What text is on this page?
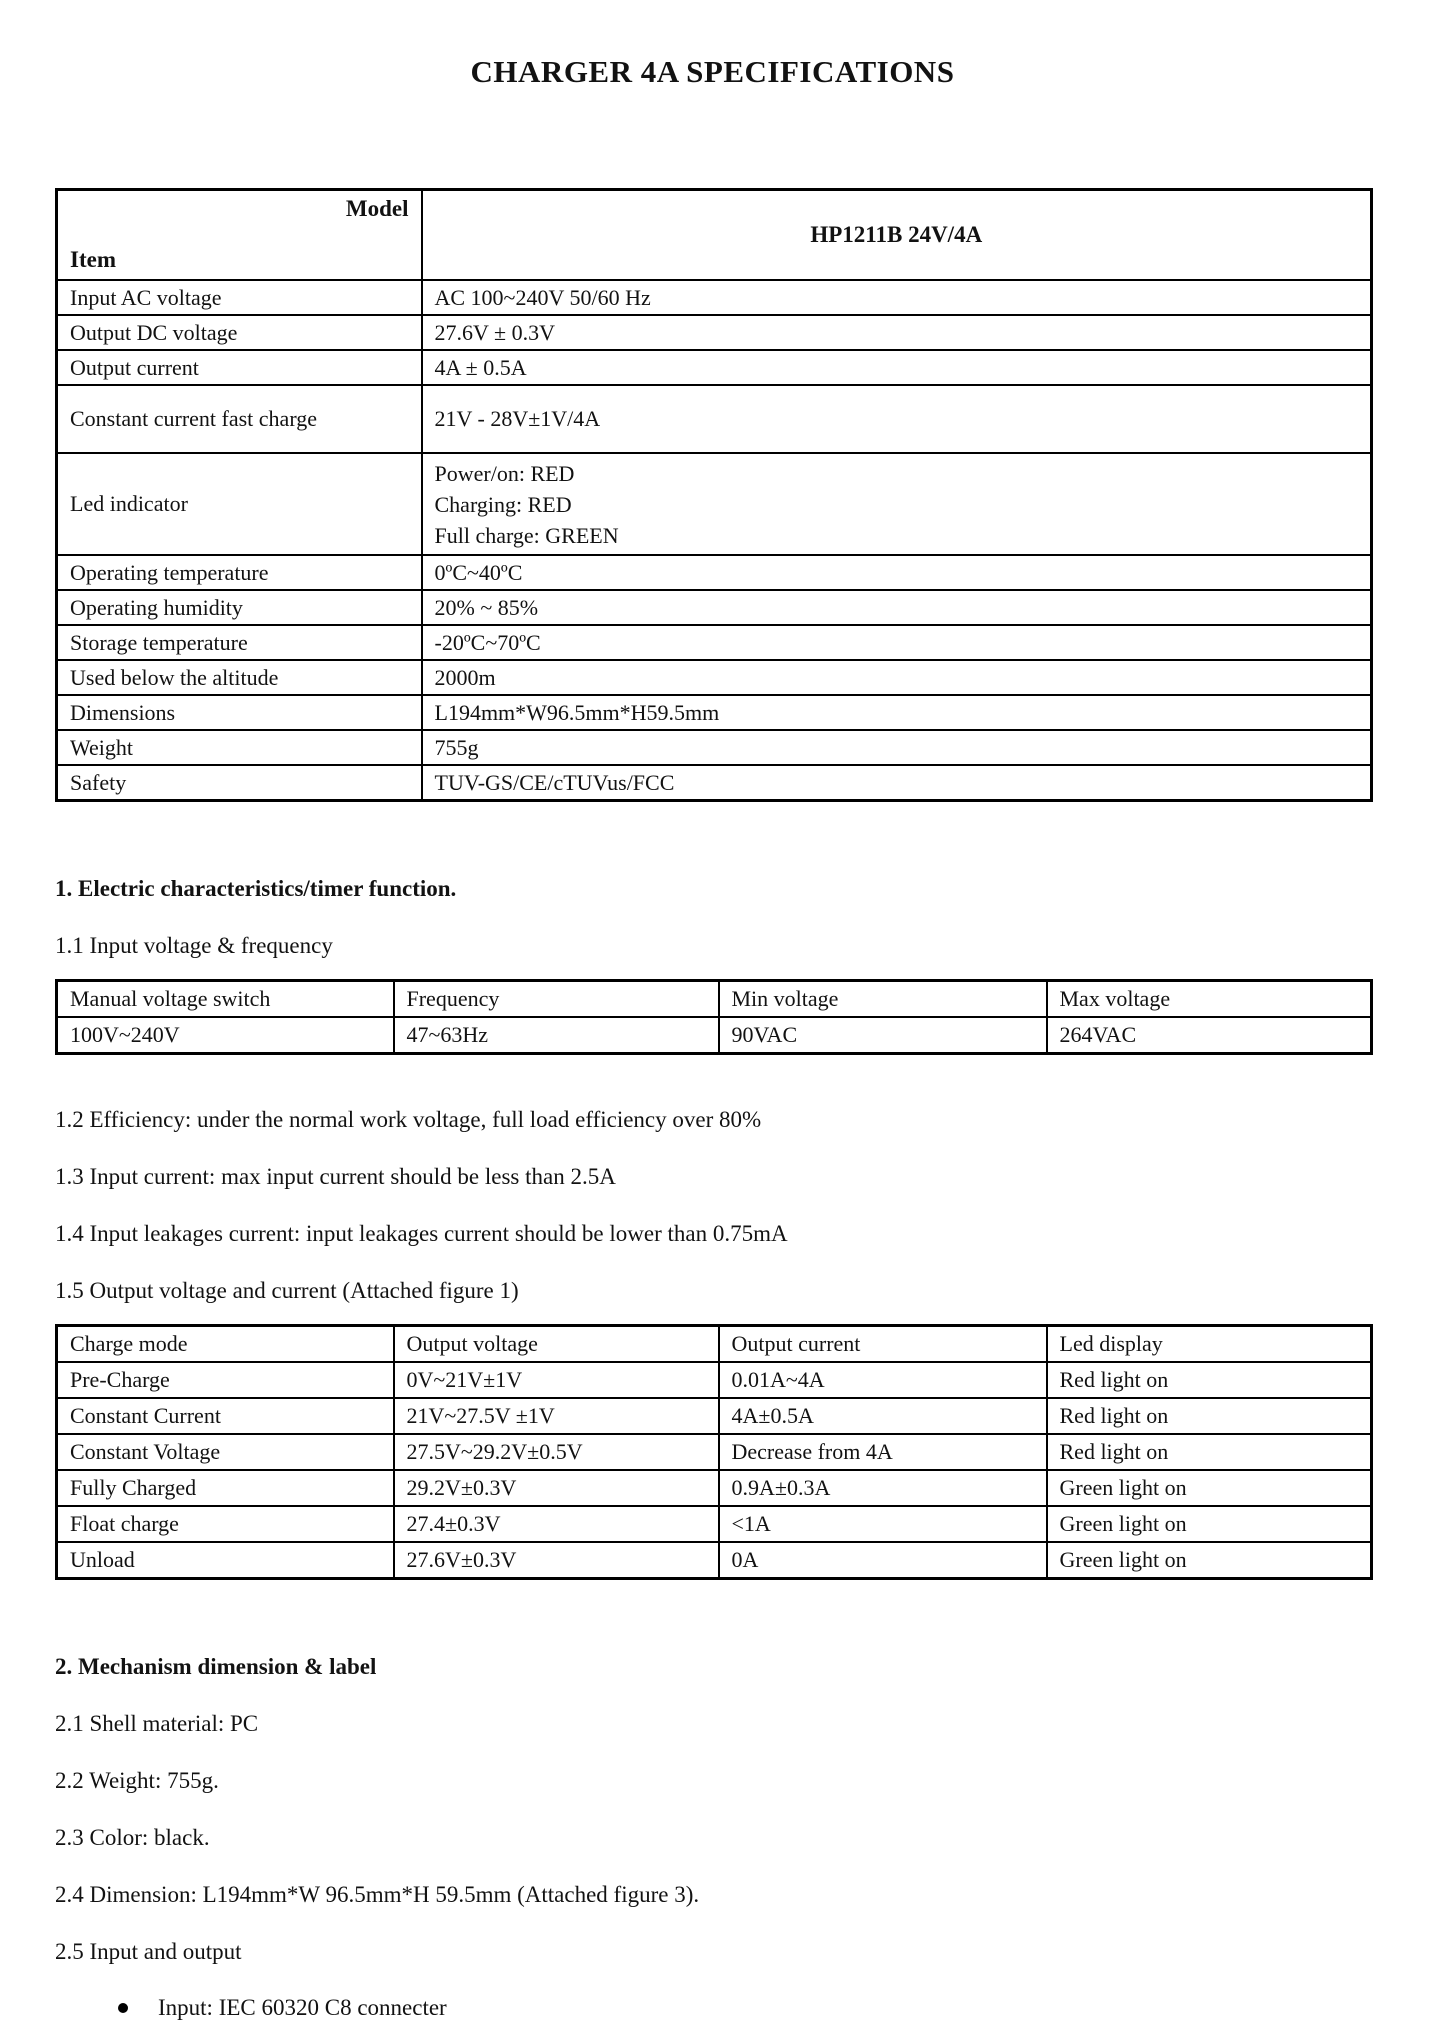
CHARGER 4A SPECIFICATIONS
Model
Item	HP1211B 24V/4A
Input AC voltage	AC 100~240V 50/60 Hz
Output DC voltage	27.6V ± 0.3V
Output current	4A ± 0.5A
Constant current fast charge	21V - 28V±1V/4A
Led indicator	Power/on: RED
Charging: RED
Full charge: GREEN

Operating temperature	0ºC~40ºC
Operating humidity	20% ~ 85%
Storage temperature	-20ºC~70ºC
Used below the altitude	2000m
Dimensions	L194mm*W96.5mm*H59.5mm
Weight	755g
Safety	TUV-GS/CE/cTUVus/FCC
1. Electric characteristics/timer function.
1.1 Input voltage & frequency
Manual voltage switch	Frequency	Min voltage	Max voltage
100V~240V	47~63Hz	90VAC	264VAC
1.2 Efficiency: under the normal work voltage, full load efficiency over 80%
1.3 Input current: max input current should be less than 2.5A
1.4 Input leakages current: input leakages current should be lower than 0.75mA
1.5 Output voltage and current (Attached figure 1)
Charge mode	Output voltage	Output current	Led display
Pre-Charge	0V~21V±1V	0.01A~4A	Red light on
Constant Current	21V~27.5V ±1V	4A±0.5A	Red light on
Constant Voltage	27.5V~29.2V±0.5V	Decrease from 4A	Red light on
Fully Charged	29.2V±0.3V	0.9A±0.3A	Green light on
Float charge	27.4±0.3V	<1A	Green light on
Unload	27.6V±0.3V	0A	Green light on
2. Mechanism dimension & label
2.1 Shell material: PC
2.2 Weight: 755g.
2.3 Color: black.
2.4 Dimension: L194mm*W 96.5mm*H 59.5mm (Attached figure 3).
2.5 Input and output
Input: IEC 60320 C8 connecter
